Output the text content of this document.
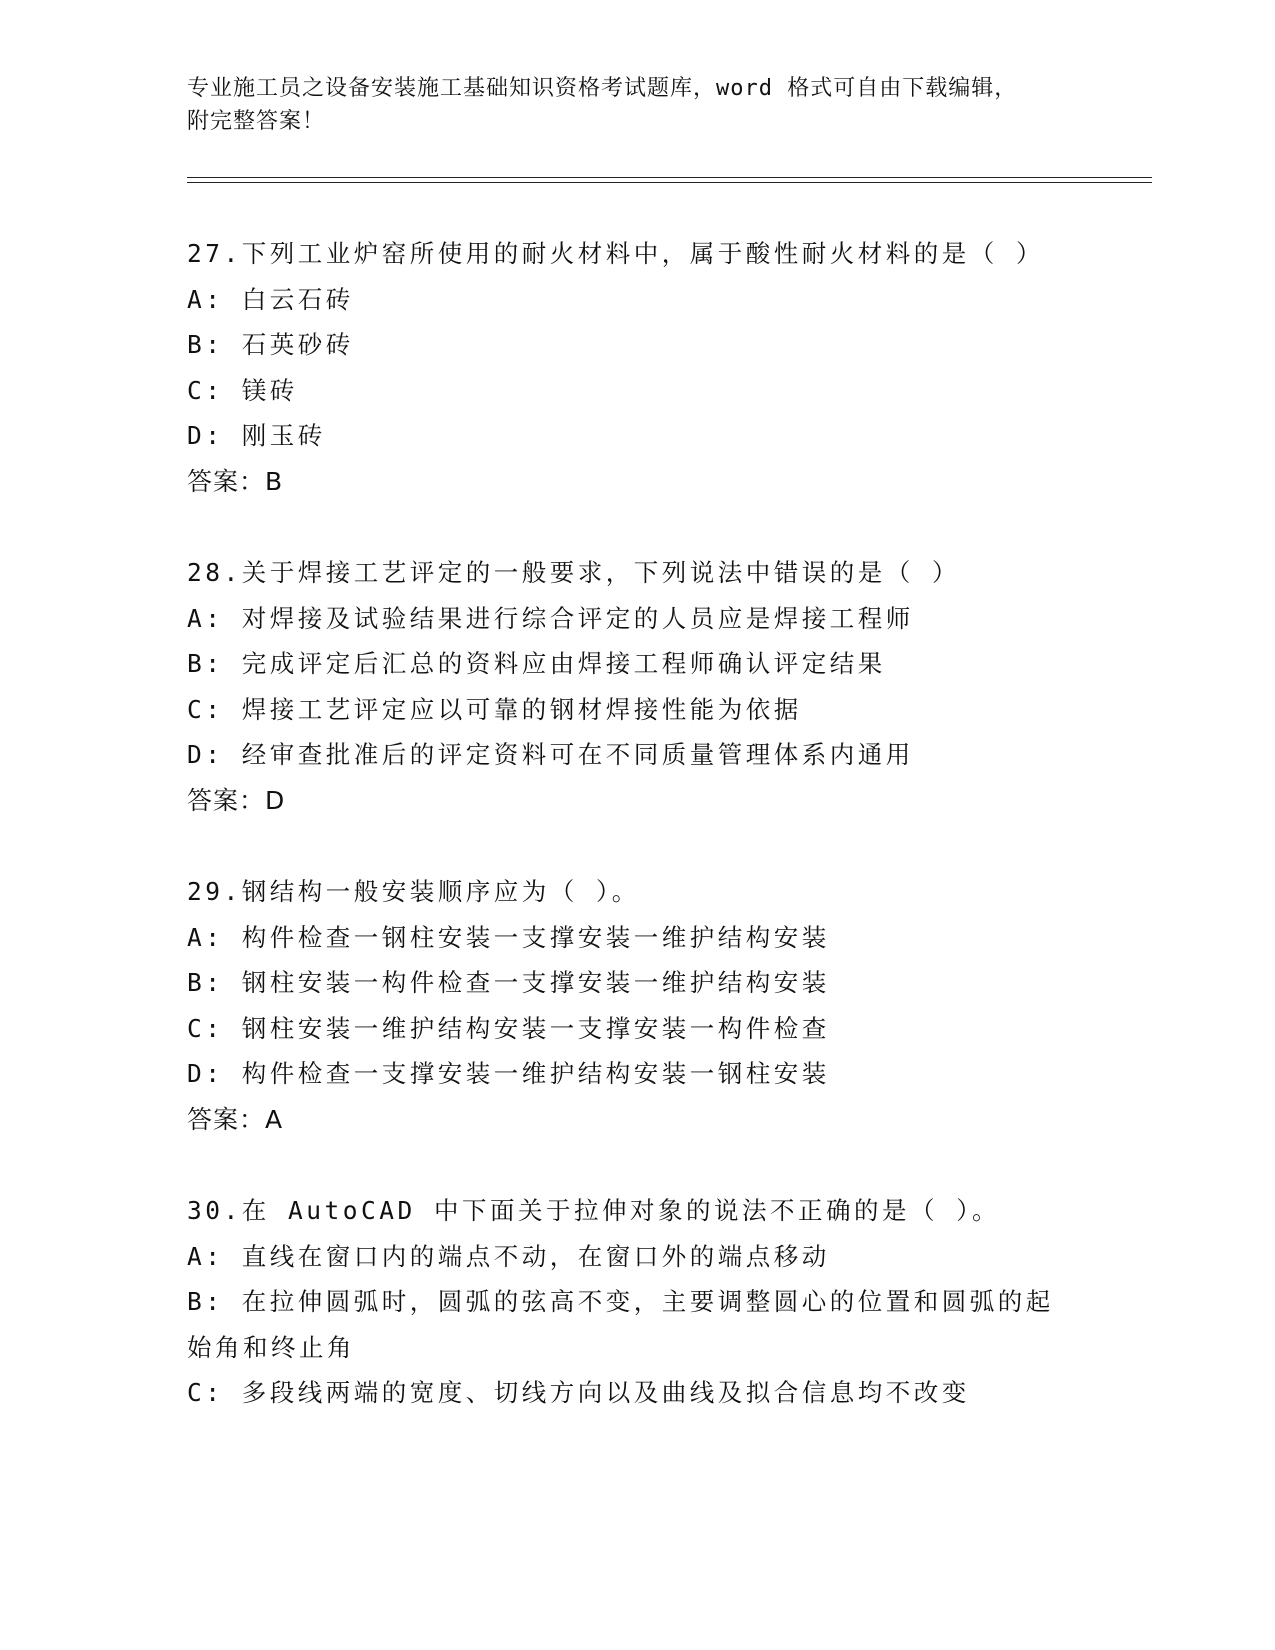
专业施工员之设备安装施工基础知识资格考试题库，word 格式可自由下载编辑，
附完整答案！
27.下列工业炉窑所使用的耐火材料中，属于酸性耐火材料的是（ ）
A: 白云石砖
B: 石英砂砖
C: 镁砖
D: 刚玉砖
答案：B
28.关于焊接工艺评定的一般要求，下列说法中错误的是（ ）
A: 对焊接及试验结果进行综合评定的人员应是焊接工程师
B: 完成评定后汇总的资料应由焊接工程师确认评定结果
C: 焊接工艺评定应以可靠的钢材焊接性能为依据
D: 经审查批准后的评定资料可在不同质量管理体系内通用
答案：D
29.钢结构一般安装顺序应为（ ）。
A: 构件检查一钢柱安装一支撑安装一维护结构安装
B: 钢柱安装一构件检查一支撑安装一维护结构安装
C: 钢柱安装一维护结构安装一支撑安装一构件检查
D: 构件检查一支撑安装一维护结构安装一钢柱安装
答案：A
30.在 AutoCAD 中下面关于拉伸对象的说法不正确的是（ ）。
A: 直线在窗口内的端点不动，在窗口外的端点移动
B: 在拉伸圆弧时，圆弧的弦高不变，主要调整圆心的位置和圆弧的起
始角和终止角
C: 多段线两端的宽度、切线方向以及曲线及拟合信息均不改变
